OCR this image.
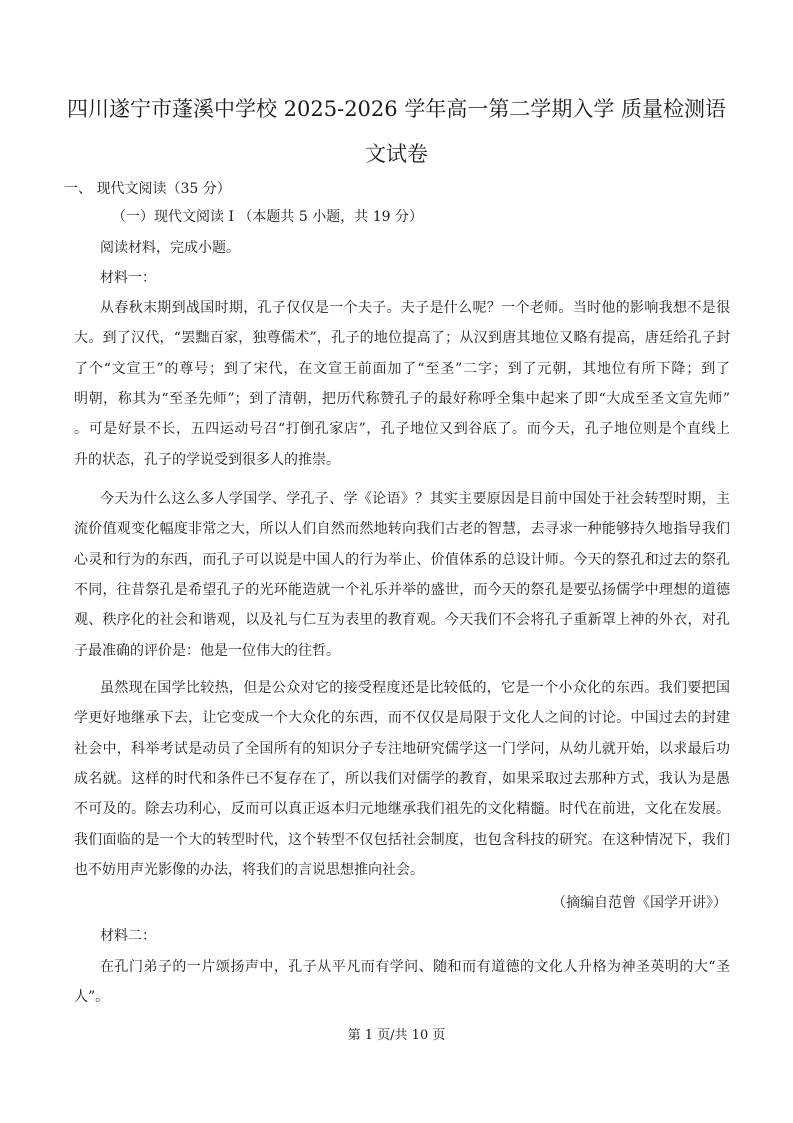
四川遂宁市蓬溪中学校 2025-2026 学年高一第二学期入学 质量检测语
文试卷
一、 现代文阅读（35 分）
（一）现代文阅读 I （本题共 5 小题，共 19 分）
阅读材料，完成小题。
材料一：
从春秋末期到战国时期，孔子仅仅是一个夫子。夫子是什么呢？一个老师。当时他的影响我想不是很
大。到了汉代，“罢黜百家，独尊儒术”，孔子的地位提高了；从汉到唐其地位又略有提高，唐廷给孔子封
了个“文宣王”的尊号；到了宋代，在文宣王前面加了“至圣”二字；到了元朝，其地位有所下降；到了
明朝，称其为“至圣先师”；到了清朝，把历代称赞孔子的最好称呼全集中起来了即“大成至圣文宣先师”
。可是好景不长，五四运动号召“打倒孔家店”，孔子地位又到谷底了。而今天，孔子地位则是个直线上
升的状态，孔子的学说受到很多人的推崇。
今天为什么这么多人学国学、学孔子、学《论语》？其实主要原因是目前中国处于社会转型时期，主
流价值观变化幅度非常之大，所以人们自然而然地转向我们古老的智慧，去寻求一种能够持久地指导我们
心灵和行为的东西，而孔子可以说是中国人的行为举止、价值体系的总设计师。今天的祭孔和过去的祭孔
不同，往昔祭孔是希望孔子的光环能造就一个礼乐并举的盛世，而今天的祭孔是要弘扬儒学中理想的道德
观、秩序化的社会和谐观，以及礼与仁互为表里的教育观。今天我们不会将孔子重新罩上神的外衣，对孔
子最准确的评价是：他是一位伟大的往哲。
虽然现在国学比较热，但是公众对它的接受程度还是比较低的，它是一个小众化的东西。我们要把国
学更好地继承下去，让它变成一个大众化的东西，而不仅仅是局限于文化人之间的讨论。中国过去的封建
社会中，科举考试是动员了全国所有的知识分子专注地研究儒学这一门学问，从幼儿就开始，以求最后功
成名就。这样的时代和条件已不复存在了，所以我们对儒学的教育，如果采取过去那种方式，我认为是愚
不可及的。除去功利心，反而可以真正返本归元地继承我们祖先的文化精髓。时代在前进，文化在发展。
我们面临的是一个大的转型时代，这个转型不仅包括社会制度，也包含科技的研究。在这种情况下，我们
也不妨用声光影像的办法，将我们的言说思想推向社会。
（摘编自范曾《国学开讲》）
材料二：
在孔门弟子的一片颂扬声中，孔子从平凡而有学问、随和而有道德的文化人升格为神圣英明的大“圣
人”。
第 1 页/共 10 页
